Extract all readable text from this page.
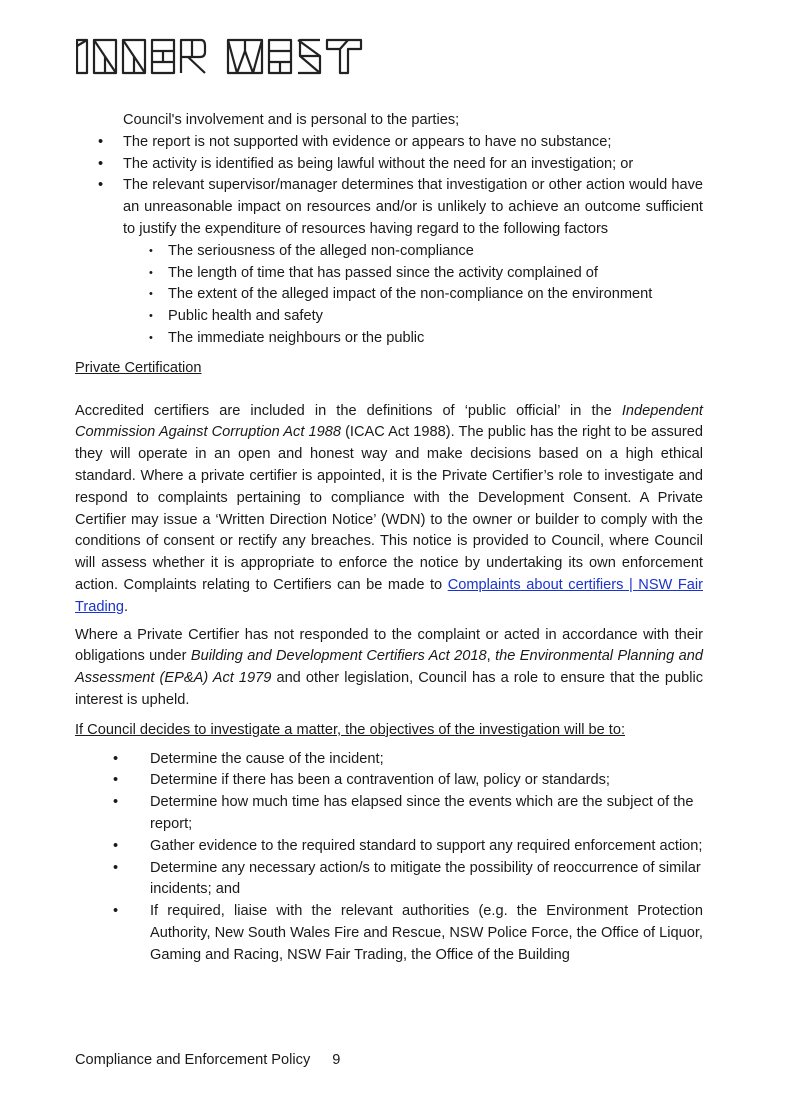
Council's involvement and is personal to the parties;

• The report is not supported with evidence or appears to have no substance;
• The activity is identified as being lawful without the need for an investigation; or
• The relevant supervisor/manager determines that investigation or other action would have an unreasonable impact on resources and/or is unlikely to achieve an outcome sufficient to justify the expenditure of resources having regard to the following factors
• The seriousness of the alleged non-compliance
• The length of time that has passed since the activity complained of
• The extent of the alleged impact of the non-compliance on the environment
• Public health and safety
• The immediate neighbours or the public

Private Certification

Accredited certifiers are included in the definitions of ‘public official’ in the Independent Commission Against Corruption Act 1988 (ICAC Act 1988). The public has the right to be assured they will operate in an open and honest way and make decisions based on a high ethical standard. Where a private certifier is appointed, it is the Private Certifier’s role to investigate and respond to complaints pertaining to compliance with the Development Consent. A Private Certifier may issue a ‘Written Direction Notice’ (WDN) to the owner or builder to comply with the conditions of consent or rectify any breaches. This notice is provided to Council, where Council will assess whether it is appropriate to enforce the notice by undertaking its own enforcement action. Complaints relating to Certifiers can be made to Complaints about certifiers | NSW Fair Trading.

Where a Private Certifier has not responded to the complaint or acted in accordance with their obligations under Building and Development Certifiers Act 2018, the Environmental Planning and Assessment (EP&A) Act 1979 and other legislation, Council has a role to ensure that the public interest is upheld.

If Council decides to investigate a matter, the objectives of the investigation will be to:

• Determine the cause of the incident;
• Determine if there has been a contravention of law, policy or standards;
• Determine how much time has elapsed since the events which are the subject of the report;
• Gather evidence to the required standard to support any required enforcement action;
• Determine any necessary action/s to mitigate the possibility of reoccurrence of similar incidents; and
• If required, liaise with the relevant authorities (e.g. the Environment Protection Authority, New South Wales Fire and Rescue, NSW Police Force, the Office of Liquor, Gaming and Racing, NSW Fair Trading, the Office of the Building
Compliance and Enforcement Policy 9
